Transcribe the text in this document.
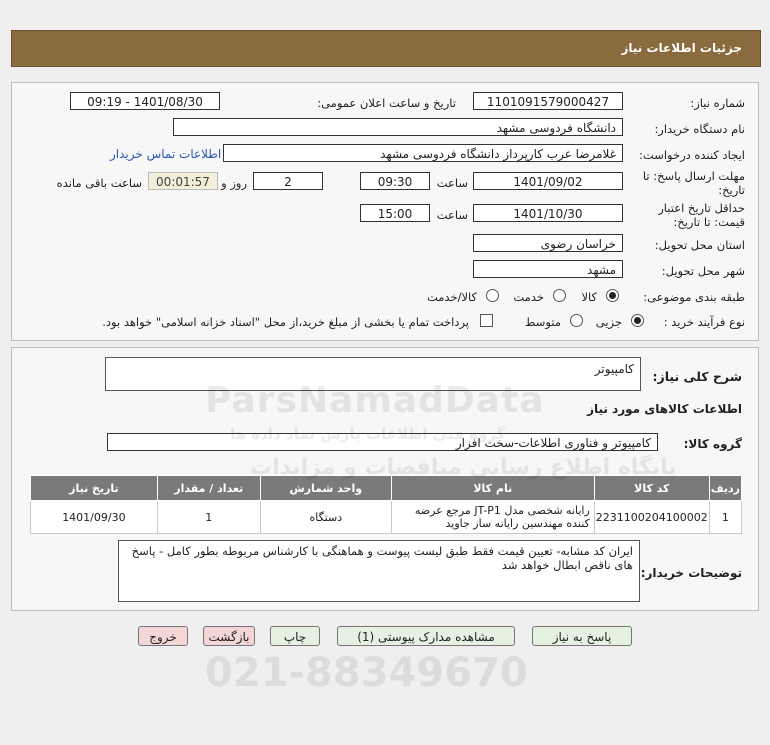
جزئیات اطلاعات نیاز
شماره نیاز:
1101091579000427
تاریخ و ساعت اعلان عمومی:
1401/08/30 - 09:19
نام دستگاه خریدار:
دانشگاه فردوسی مشهد
ایجاد کننده درخواست:
غلامرضا عرب کارپرداز دانشگاه فردوسی مشهد
اطلاعات تماس خریدار
مهلت ارسال پاسخ: تا
تاریخ:
1401/09/02
ساعت
09:30
2
روز و
00:01:57
ساعت باقی مانده
حداقل تاریخ اعتبار
قیمت: تا تاریخ:
1401/10/30
ساعت
15:00
استان محل تحویل:
خراسان رضوی
شهر محل تحویل:
مشهد
طبقه بندی موضوعی:
کالا
خدمت
کالا/خدمت
نوع فرآیند خرید :
جزیی
متوسط
پرداخت تمام یا بخشی از مبلغ خرید،از محل "اسناد خزانه اسلامی" خواهد بود.
شرح کلی نیاز:
کامپیوتر
اطلاعات کالاهای مورد نیاز
گروه کالا:
کامپیوتر و فناوری اطلاعات-سخت افزار
ردیف	کد کالا	نام کالا	واحد شمارش	تعداد / مقدار	تاریخ نیاز
1	2231100204100002	رایانه شخصی مدل JT-P1 مرجع عرضه کننده مهندسین رایانه ساز جاوید	دستگاه	1	1401/09/30
توضیحات خریدار:
ایران کد مشابه- تعیین قیمت فقط طبق لیست پیوست و هماهنگی با کارشناس مربوطه بطور کامل - پاسخ های ناقص ابطال خواهد شد
پاسخ به نیاز
مشاهده مدارک پیوستی (1)
چاپ
بازگشت
خروج
021-88349670
